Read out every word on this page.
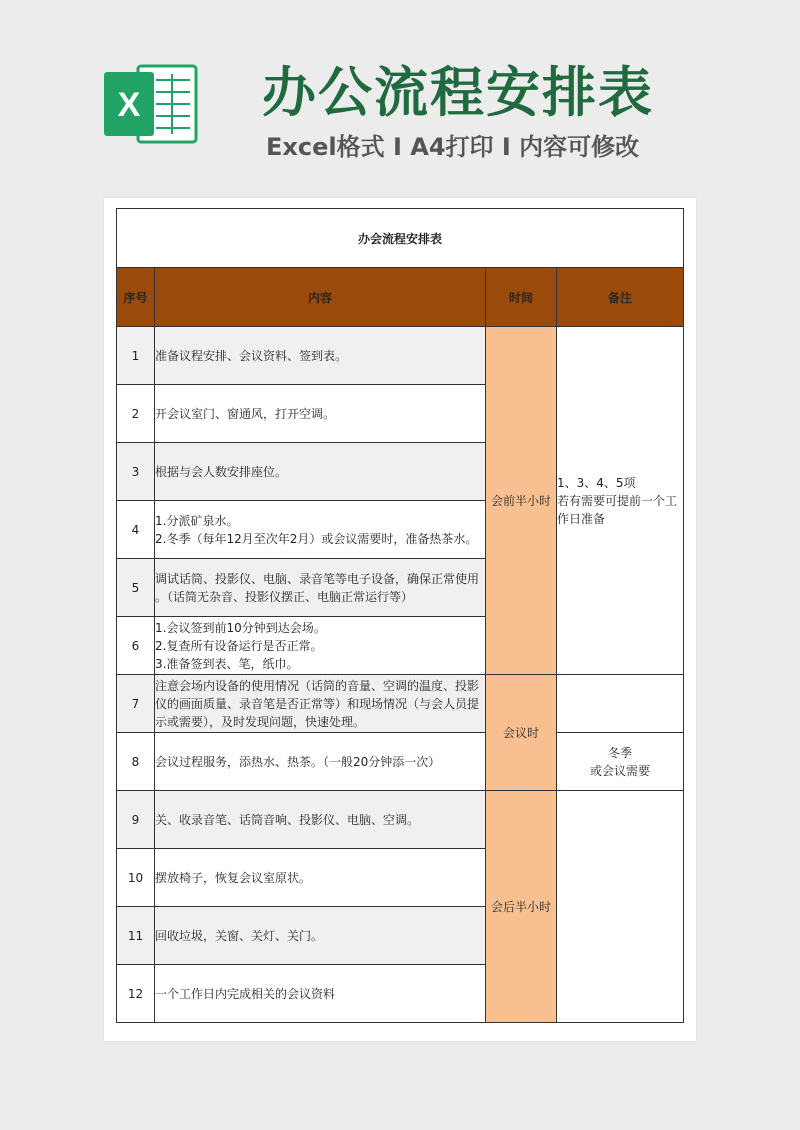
X 办公流程安排表
Excel格式 I A4打印 I 内容可修改
办会流程安排表			
序号	内容	时间	备注
1	准备议程安排、会议资料、签到表。	会前半小时	1、3、4、5项
若有需要可提前一个工
作日准备

2	开会议室门、窗通风，打开空调。		

3	根据与会人数安排座位。		

4	1.分派矿泉水。
2.冬季（每年12月至次年2月）或会议需要时，准备热茶水。		

5	调试话筒、投影仪、电脑、录音笔等电子设备，确保正常使用
。（话筒无杂音、投影仪摆正、电脑正常运行等）		

6	1.会议签到前10分钟到达会场。
2.复查所有设备运行是否正常。
3.准备签到表、笔，纸巾。		

7	注意会场内设备的使用情况（话筒的音量、空调的温度、投影
仪的画面质量、录音笔是否正常等）和现场情况（与会人员提
示或需要），及时发现问题，快速处理。	会议时	
8	会议过程服务，添热水、热茶。（一般20分钟添一次）		冬季
或会议需要

9	关、收录音笔、话筒音响、投影仪、电脑、空调。	会后半小时	
10	摆放椅子，恢复会议室原状。		

11	回收垃圾，关窗、关灯、关门。		

12	一个工作日内完成相关的会议资料		
